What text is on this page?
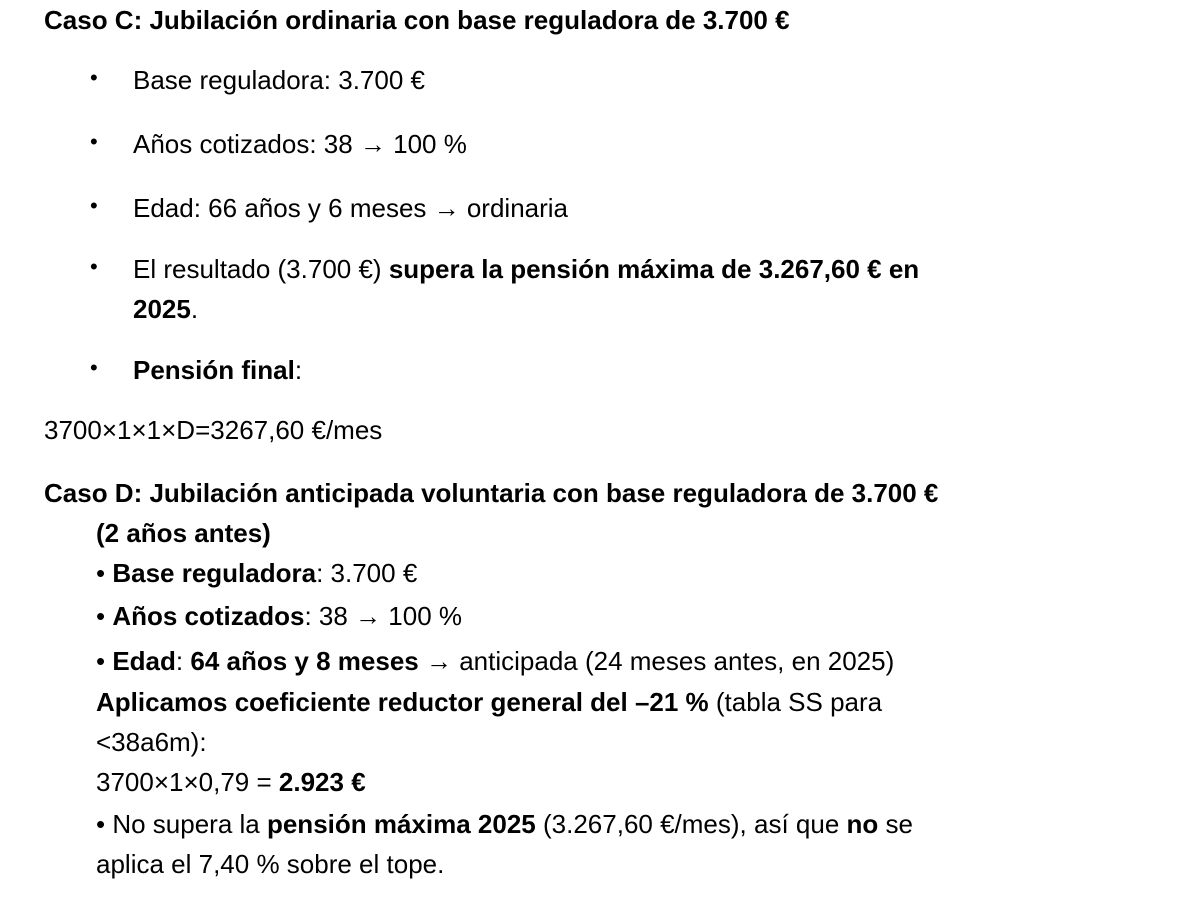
Caso C: Jubilación ordinaria con base reguladora de 3.700 €
• Base reguladora: 3.700 €
• Años cotizados: 38 → 100 %
• Edad: 66 años y 6 meses → ordinaria
• El resultado (3.700 €) supera la pensión máxima de 3.267,60 € en
2025.
• Pensión final:
3700×1×1×D=3267,60 €/mes
Caso D: Jubilación anticipada voluntaria con base reguladora de 3.700 €
(2 años antes)
• Base reguladora: 3.700 €
• Años cotizados: 38 → 100 %
• Edad: 64 años y 8 meses → anticipada (24 meses antes, en 2025)
Aplicamos coeficiente reductor general del –21 % (tabla SS para
<38a6m):
3700×1×0,79 = 2.923 €
• No supera la pensión máxima 2025 (3.267,60 €/mes), así que no se
aplica el 7,40 % sobre el tope.
